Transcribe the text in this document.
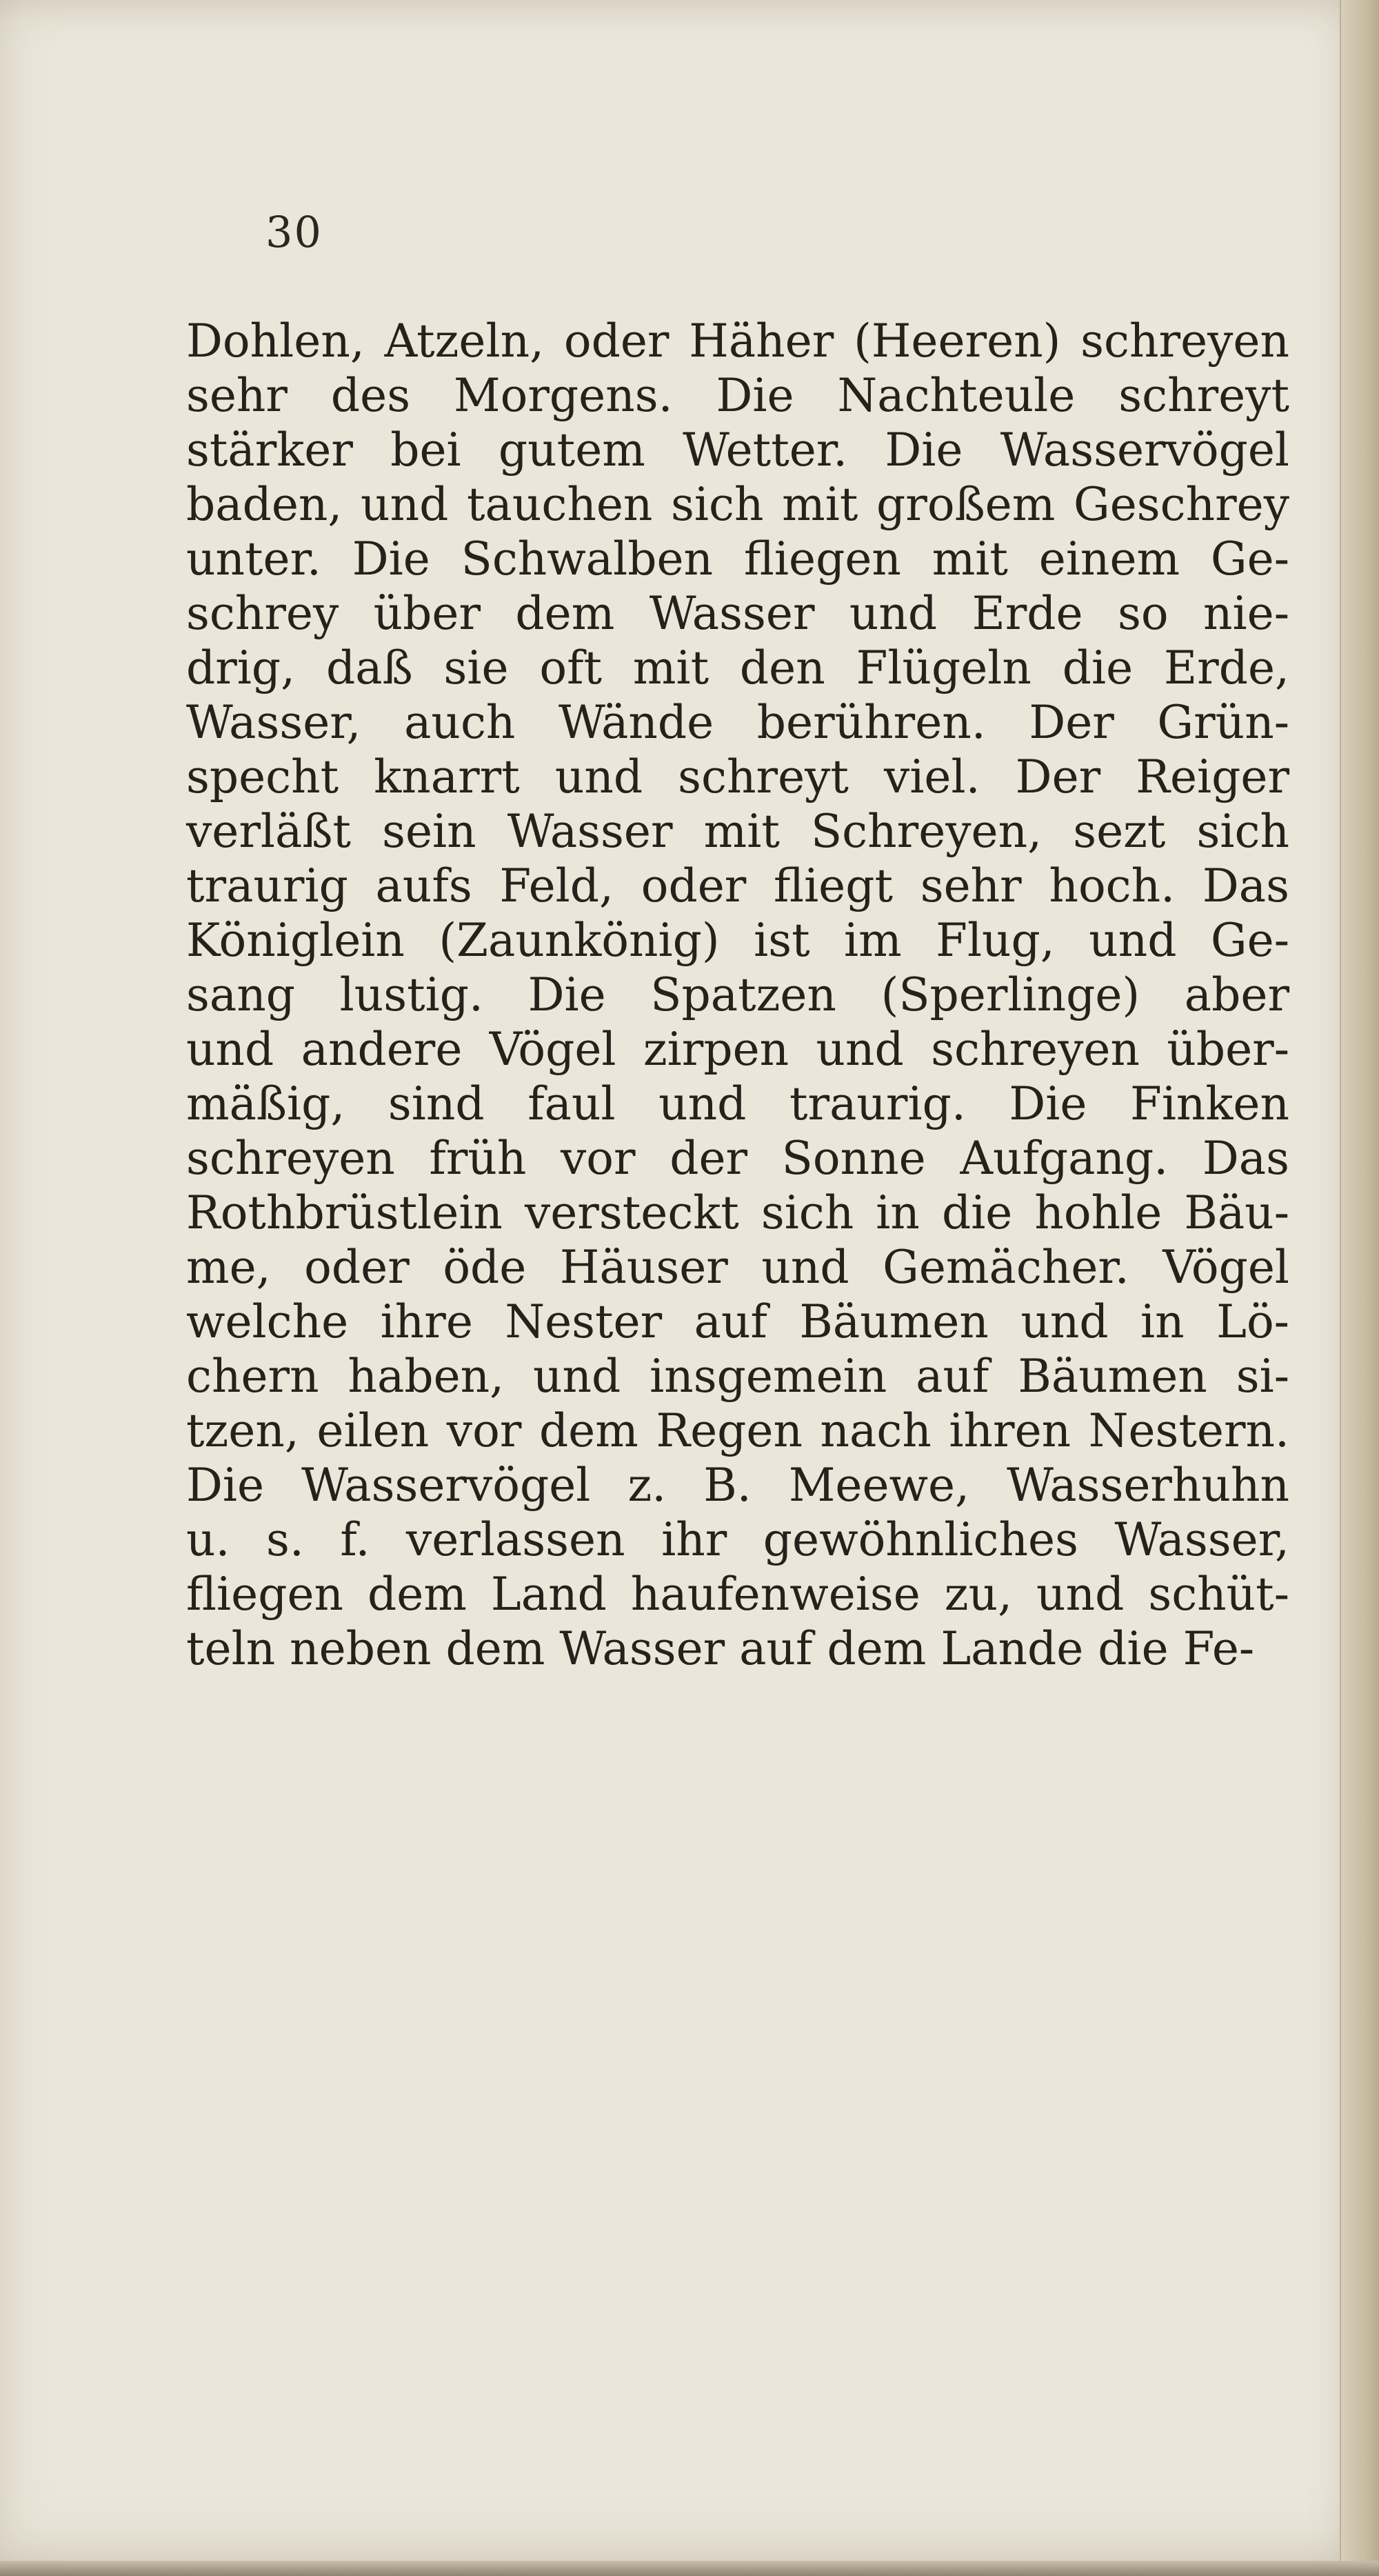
30
Dohlen, Atzeln, oder Häher (Heeren) schreyen
sehr des Morgens. Die Nachteule schreyt
stärker bei gutem Wetter. Die Wasservögel
baden, und tauchen sich mit großem Geschrey
unter. Die Schwalben fliegen mit einem Ge-
schrey über dem Wasser und Erde so nie-
drig, daß sie oft mit den Flügeln die Erde,
Wasser, auch Wände berühren. Der Grün-
specht knarrt und schreyt viel. Der Reiger
verläßt sein Wasser mit Schreyen, sezt sich
traurig aufs Feld, oder fliegt sehr hoch. Das
Königlein (Zaunkönig) ist im Flug, und Ge-
sang lustig. Die Spatzen (Sperlinge) aber
und andere Vögel zirpen und schreyen über-
mäßig, sind faul und traurig. Die Finken
schreyen früh vor der Sonne Aufgang. Das
Rothbrüstlein versteckt sich in die hohle Bäu-
me, oder öde Häuser und Gemächer. Vögel
welche ihre Nester auf Bäumen und in Lö-
chern haben, und insgemein auf Bäumen si-
tzen, eilen vor dem Regen nach ihren Nestern.
Die Wasservögel z. B. Meewe, Wasserhuhn
u. s. f. verlassen ihr gewöhnliches Wasser,
fliegen dem Land haufenweise zu, und schüt-
teln neben dem Wasser auf dem Lande die Fe-
